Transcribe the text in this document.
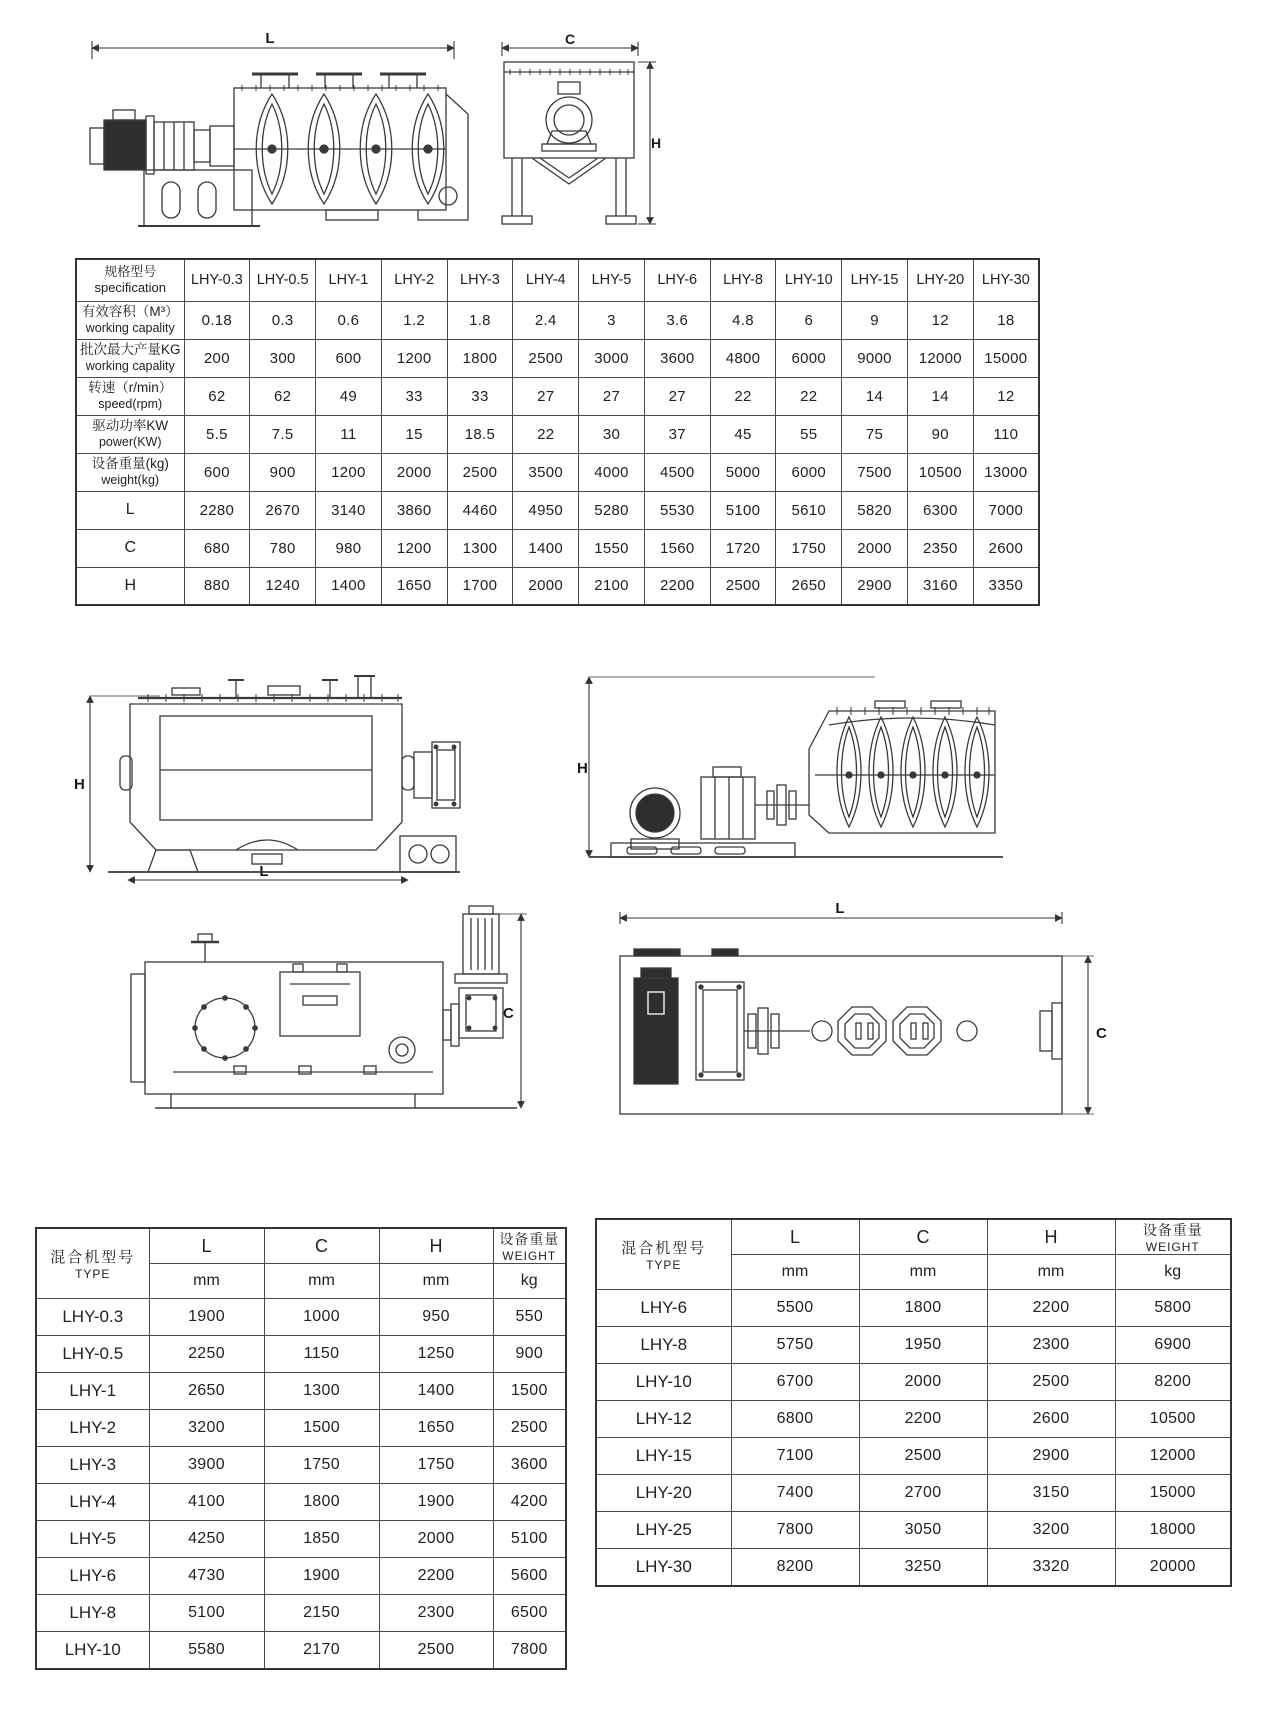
L	C
H
规格型号
specification	LHY-0.3	LHY-0.5	LHY-1	LHY-2	LHY-3	LHY-4	LHY-5	LHY-6	LHY-8	LHY-10	LHY-15	LHY-20	LHY-30

有效容积（M³）
working capality	0.18	0.3	0.6	1.2	1.8	2.4	3	3.6	4.8	6	9	12	18

批次最大产量KG
working capality	200	300	600	1200	1800	2500	3000	3600	4800	6000	9000	12000	15000

转速（r/min）
speed(rpm)	62	62	49	33	33	27	27	27	22	22	14	14	12

驱动功率KW
power(KW)	5.5	7.5	11	15	18.5	22	30	37	45	55	75	90	110

设备重量(kg)
weight(kg)	600	900	1200	2000	2500	3500	4000	4500	5000	6000	7500	10500	13000
L	2280	2670	3140	3860	4460	4950	5280	5530	5100	5610	5820	6300	7000
C	680	780	980	1200	1300	1400	1550	1560	1720	1750	2000	2350	2600
H	880	1240	1400	1650	1700	2000	2100	2200	2500	2650	2900	3160	3350
H
L
H
C
L
C
混合机型号
TYPE
	L	C	H	设备重量
WEIGHT

	mm	mm	mm	kg
LHY-0.3	1900	1000	950	550
LHY-0.5	2250	1150	1250	900
LHY-1	2650	1300	1400	1500
LHY-2	3200	1500	1650	2500
LHY-3	3900	1750	1750	3600
LHY-4	4100	1800	1900	4200
LHY-5	4250	1850	2000	5100
LHY-6	4730	1900	2200	5600
LHY-8	5100	2150	2300	6500
LHY-10	5580	2170	2500	7800
混合机型号
TYPE
	L	C	H	设备重量
WEIGHT

	mm	mm	mm	kg
LHY-6	5500	1800	2200	5800
LHY-8	5750	1950	2300	6900
LHY-10	6700	2000	2500	8200
LHY-12	6800	2200	2600	10500
LHY-15	7100	2500	2900	12000
LHY-20	7400	2700	3150	15000
LHY-25	7800	3050	3200	18000
LHY-30	8200	3250	3320	20000
